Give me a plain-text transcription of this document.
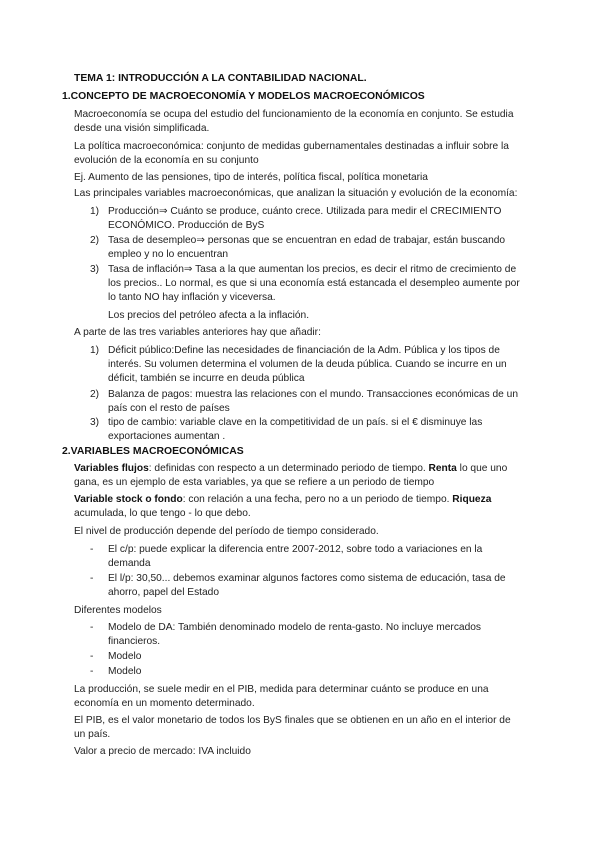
TEMA 1: INTRODUCCIÓN A LA CONTABILIDAD NACIONAL.
1.CONCEPTO DE MACROECONOMÍA Y MODELOS MACROECONÓMICOS
Macroeconomía se ocupa del estudio del funcionamiento de la economía en conjunto. Se estudia
desde una visión simplificada.
La política macroeconómica: conjunto de medidas gubernamentales destinadas a influir sobre la
evolución de la economía en su conjunto
Ej. Aumento de las pensiones, tipo de interés, política fiscal, política monetaria
Las principales variables macroeconómicas, que analizan la situación y evolución de la economía:
1) Producción⇒ Cuánto se produce, cuánto crece. Utilizada para medir el CRECIMIENTO
ECONÓMICO. Producción de ByS
2) Tasa de desempleo⇒ personas que se encuentran en edad de trabajar, están buscando
empleo y no lo encuentran
3) Tasa de inflación⇒ Tasa a la que aumentan los precios, es decir el ritmo de crecimiento de
los precios.. Lo normal, es que si una economía está estancada el desempleo aumente por
lo tanto NO hay inflación y viceversa.
Los precios del petróleo afecta a la inflación.
A parte de las tres variables anteriores hay que añadir:
1) Déficit público:Define las necesidades de financiación de la Adm. Pública y los tipos de
interés. Su volumen determina el volumen de la deuda pública. Cuando se incurre en un
déficit, también se incurre en deuda pública
2) Balanza de pagos: muestra las relaciones con el mundo. Transacciones económicas de un
país con el resto de países
3) tipo de cambio: variable clave en la competitividad de un país. si el € disminuye las
exportaciones aumentan .
2.VARIABLES MACROECONÓMICAS
Variables flujos: definidas con respecto a un determinado periodo de tiempo. Renta lo que uno
gana, es un ejemplo de esta variables, ya que se refiere a un periodo de tiempo
Variable stock o fondo: con relación a una fecha, pero no a un periodo de tiempo. Riqueza
acumulada, lo que tengo - lo que debo.
El nivel de producción depende del período de tiempo considerado.
- El c/p: puede explicar la diferencia entre 2007-2012, sobre todo a variaciones en la
demanda
- El l/p: 30,50... debemos examinar algunos factores como sistema de educación, tasa de
ahorro, papel del Estado
Diferentes modelos
- Modelo de DA: También denominado modelo de renta-gasto. No incluye mercados
financieros.
- Modelo
- Modelo
La producción, se suele medir en el PIB, medida para determinar cuánto se produce en una
economía en un momento determinado.
El PIB, es el valor monetario de todos los ByS finales que se obtienen en un año en el interior de
un país.
Valor a precio de mercado: IVA incluido
